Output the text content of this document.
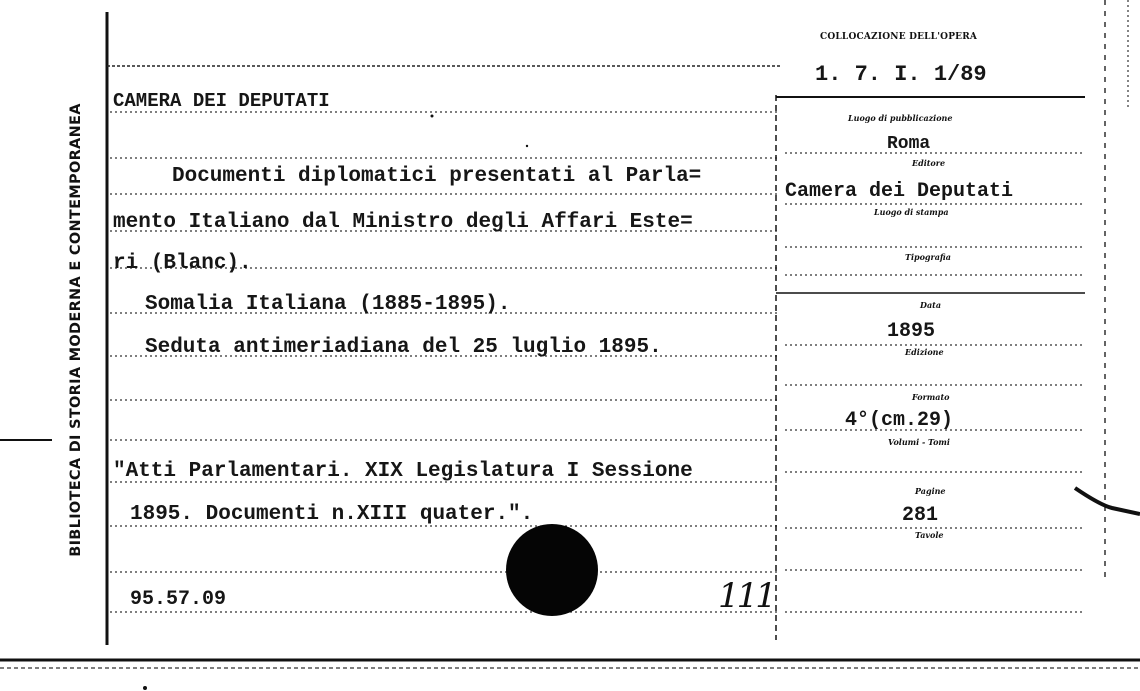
BIBLIOTECA DI STORIA MODERNA E CONTEMPORANEA
COLLOCAZIONE DELL'OPERA
1. 7. I. 1/89
CAMERA DEI DEPUTATI
Documenti diplomatici presentati al Parla=
mento Italiano dal Ministro degli Affari Este=
ri (Blanc).
Somalia Italiana (1885-1895).
Seduta antimeriadiana del 25 luglio 1895.
"Atti Parlamentari. XIX Legislatura I Sessione
1895. Documenti n.XIII quater.".
95.57.09	111
Luogo di pubblicazione
Roma
Editore
Camera dei Deputati
Luogo di stampa
Tipografia
Data
1895
Edizione
Formato
4°(cm.29)
Volumi - Tomi
Pagine
281
Tavole
